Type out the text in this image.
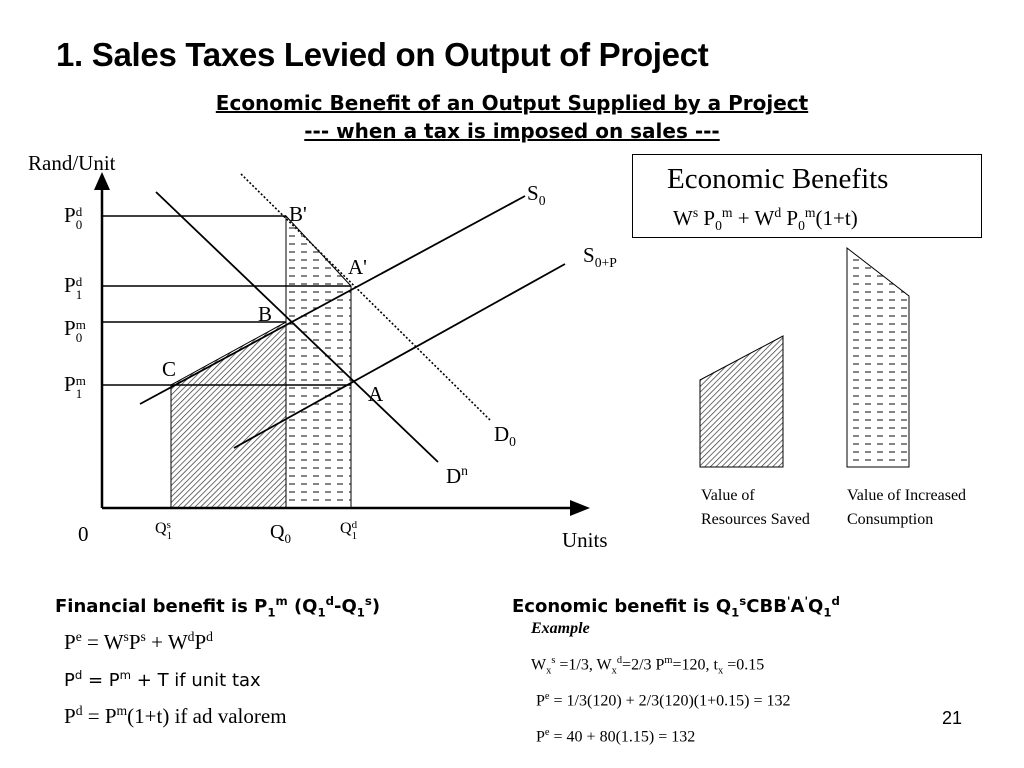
1. Sales Taxes Levied on Output of Project
Economic Benefit of an Output Supplied by a Project
--- when a tax is imposed on sales ---
Rand/Unit
Units
0
Pd
0
Pd
1
Pm
0
Pm
1
Qs
1	$Q_0$
Qd
1
$S_0$
$S_{0+P}$
$D_0$
$D^n$
B'
A'
B
A
C
Economic Benefits
$W^s$ $P_0^m + W^d$ $P_0^m(1+t)$
Value of Resources Saved
Value of Increased Consumption
Financial benefit is $P_1^m$ $(Q_1^d-Q_1^s)$	Economic benefit is $Q_1^sCBB'A'Q_1^d$
$P^e = W^sP^s + W^dP^d$
$P^d = P^m + T$ if unit tax
$P^d = P^m(1+t)$ if ad valorem
Example
$W_x^s =1/3$, $W_x^d=2/3$ $P^m=120$, $t_x =0.15$
$P^e = 1/3(120) + 2/3(120)(1+0.15) = 132$
$P^e = 40 + 80(1.15) = 132$
21
